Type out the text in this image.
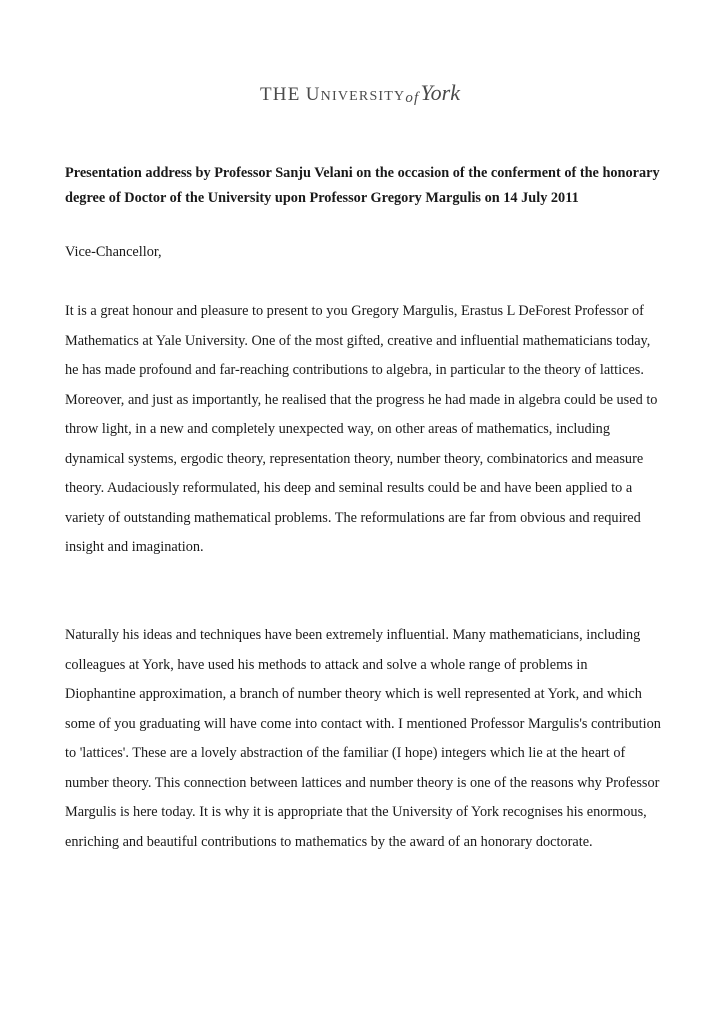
THE UNIVERSITYofYork

Presentation address by Professor Sanju Velani on the occasion of the conferment of the honorary degree of Doctor of the University upon Professor Gregory Margulis on 14 July 2011

Vice-Chancellor,

It is a great honour and pleasure to present to you Gregory Margulis, Erastus L DeForest Professor of Mathematics at Yale University. One of the most gifted, creative and influential mathematicians today, he has made profound and far-reaching contributions to algebra, in particular to the theory of lattices. Moreover, and just as importantly, he realised that the progress he had made in algebra could be used to throw light, in a new and completely unexpected way, on other areas of mathematics, including dynamical systems, ergodic theory, representation theory, number theory, combinatorics and measure theory. Audaciously reformulated, his deep and seminal results could be and have been applied to a variety of outstanding mathematical problems. The reformulations are far from obvious and required insight and imagination.

Naturally his ideas and techniques have been extremely influential. Many mathematicians, including colleagues at York, have used his methods to attack and solve a whole range of problems in Diophantine approximation, a branch of number theory which is well represented at York, and which some of you graduating will have come into contact with. I mentioned Professor Margulis's contribution to 'lattices'. These are a lovely abstraction of the familiar (I hope) integers which lie at the heart of number theory. This connection between lattices and number theory is one of the reasons why Professor Margulis is here today. It is why it is appropriate that the University of York recognises his enormous, enriching and beautiful contributions to mathematics by the award of an honorary doctorate.
